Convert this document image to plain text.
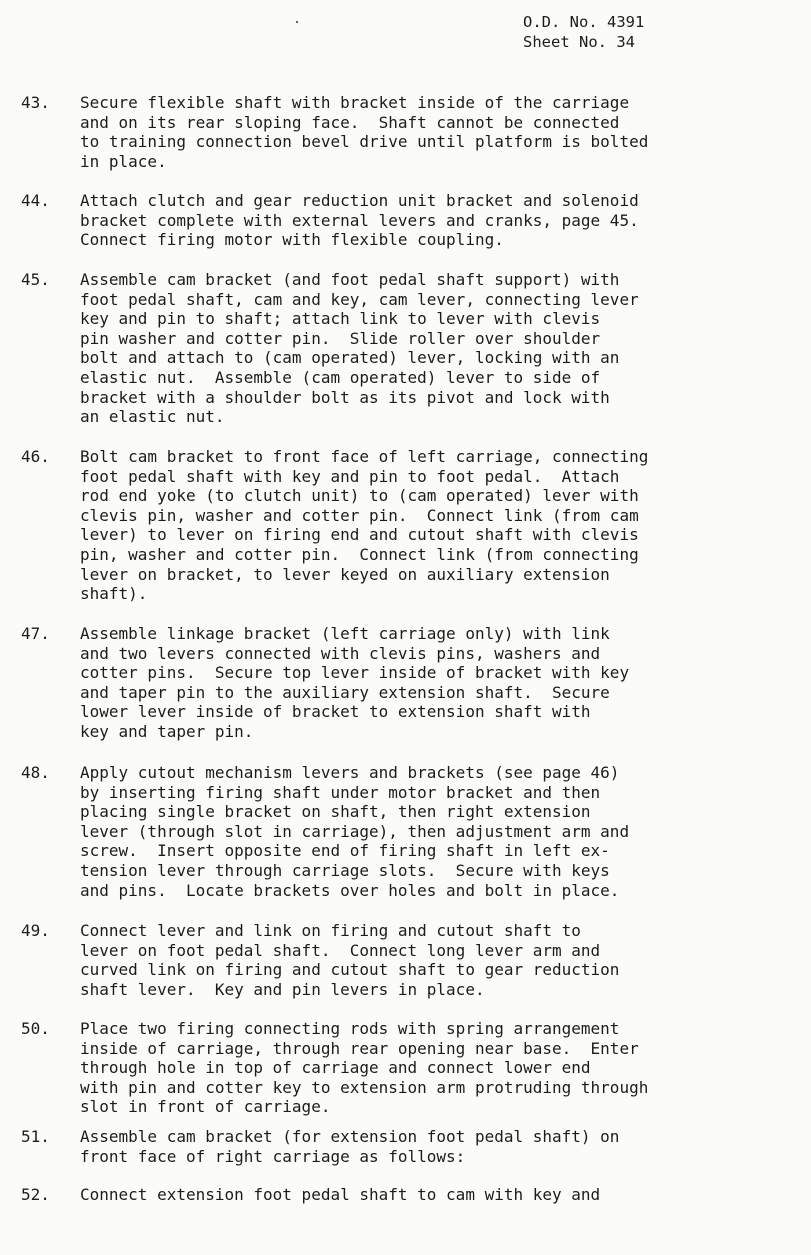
O.D. No. 4391
Sheet No. 34
43.	Secure flexible shaft with bracket inside of the carriage
and on its rear sloping face.  Shaft cannot be connected
to training connection bevel drive until platform is bolted
in place.
44.	Attach clutch and gear reduction unit bracket and solenoid
bracket complete with external levers and cranks, page 45.
Connect firing motor with flexible coupling.
45.	Assemble cam bracket (and foot pedal shaft support) with
foot pedal shaft, cam and key, cam lever, connecting lever
key and pin to shaft; attach link to lever with clevis
pin washer and cotter pin.  Slide roller over shoulder
bolt and attach to (cam operated) lever, locking with an
elastic nut.  Assemble (cam operated) lever to side of
bracket with a shoulder bolt as its pivot and lock with
an elastic nut.
46.	Bolt cam bracket to front face of left carriage, connecting
foot pedal shaft with key and pin to foot pedal.  Attach
rod end yoke (to clutch unit) to (cam operated) lever with
clevis pin, washer and cotter pin.  Connect link (from cam
lever) to lever on firing end and cutout shaft with clevis
pin, washer and cotter pin.  Connect link (from connecting
lever on bracket, to lever keyed on auxiliary extension
shaft).
47.	Assemble linkage bracket (left carriage only) with link
and two levers connected with clevis pins, washers and
cotter pins.  Secure top lever inside of bracket with key
and taper pin to the auxiliary extension shaft.  Secure
lower lever inside of bracket to extension shaft with
key and taper pin.
48.	Apply cutout mechanism levers and brackets (see page 46)
by inserting firing shaft under motor bracket and then
placing single bracket on shaft, then right extension
lever (through slot in carriage), then adjustment arm and
screw.  Insert opposite end of firing shaft in left ex-
tension lever through carriage slots.  Secure with keys
and pins.  Locate brackets over holes and bolt in place.
49.	Connect lever and link on firing and cutout shaft to
lever on foot pedal shaft.  Connect long lever arm and
curved link on firing and cutout shaft to gear reduction
shaft lever.  Key and pin levers in place.
50.	Place two firing connecting rods with spring arrangement
inside of carriage, through rear opening near base.  Enter
through hole in top of carriage and connect lower end
with pin and cotter key to extension arm protruding through
slot in front of carriage.
51.	Assemble cam bracket (for extension foot pedal shaft) on
front face of right carriage as follows:
52.	Connect extension foot pedal shaft to cam with key and
